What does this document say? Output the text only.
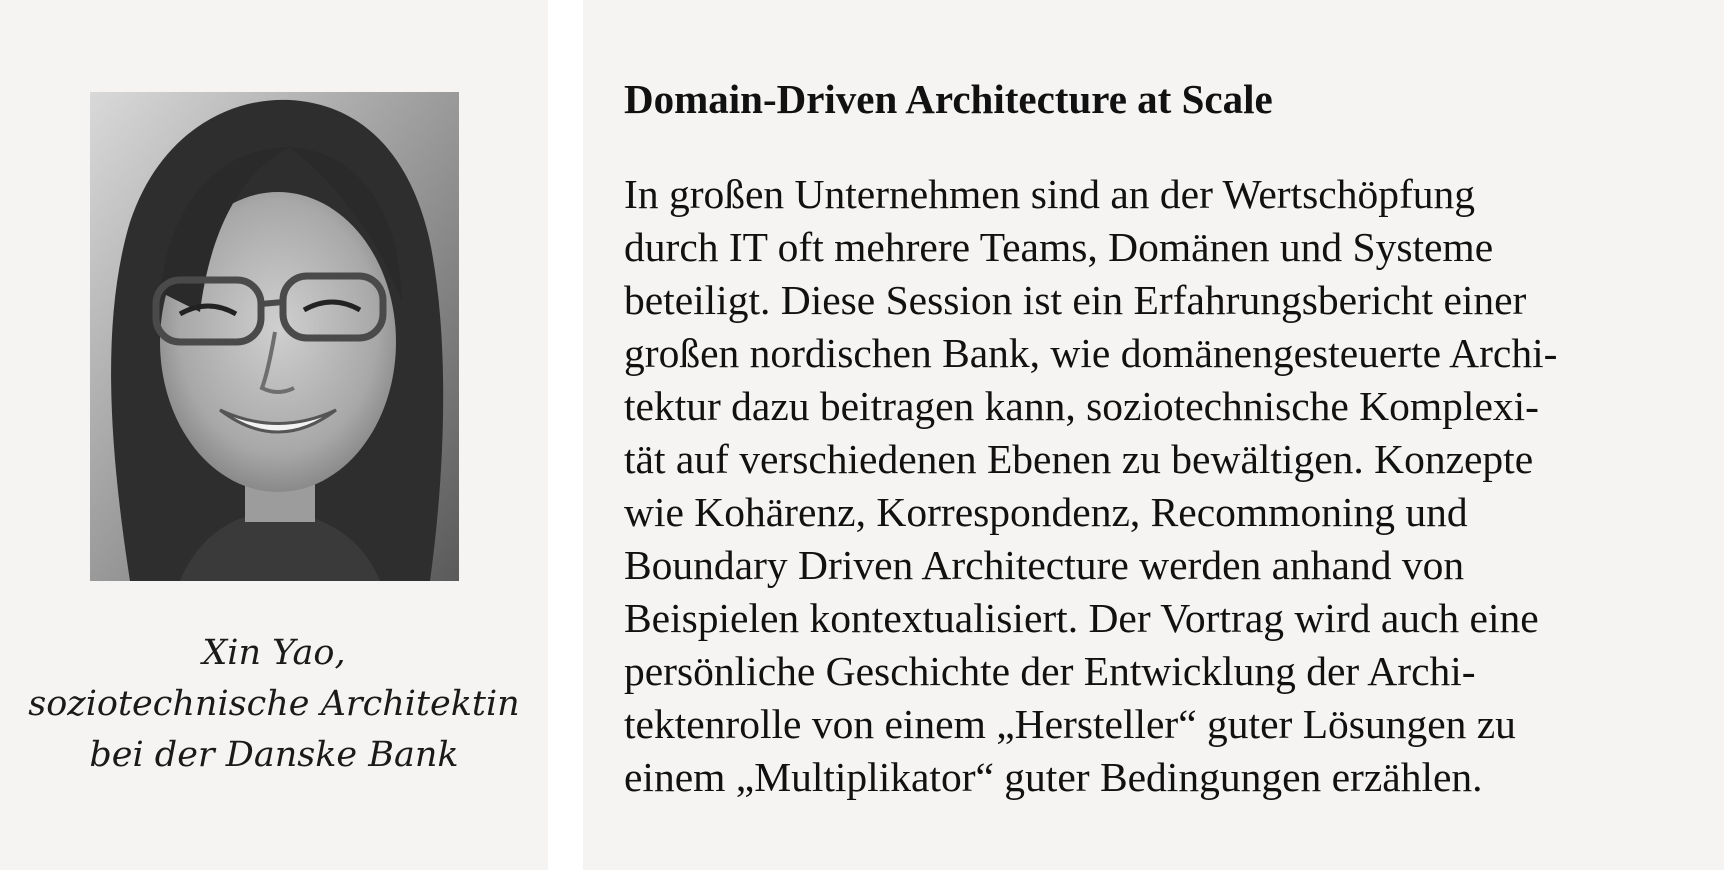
Xin Yao,
soziotechnische Architektin
bei der Danske Bank
Domain-Driven Architecture at Scale
In großen Unternehmen sind an der Wertschöpfung
durch IT oft mehrere Teams, Domänen und Systeme
beteiligt. Diese Session ist ein Erfahrungsbericht einer
großen nordischen Bank, wie domänengesteuerte Archi-
tektur dazu beitragen kann, soziotechnische Komplexi-
tät auf verschiedenen Ebenen zu bewältigen. Konzepte
wie Kohärenz, Korrespondenz, Recommoning und
Boundary Driven Architecture werden anhand von
Beispielen kontextualisiert. Der Vortrag wird auch eine
persönliche Geschichte der Entwicklung der Archi-
tektenrolle von einem „Hersteller“ guter Lösungen zu
einem „Multiplikator“ guter Bedingungen erzählen.
